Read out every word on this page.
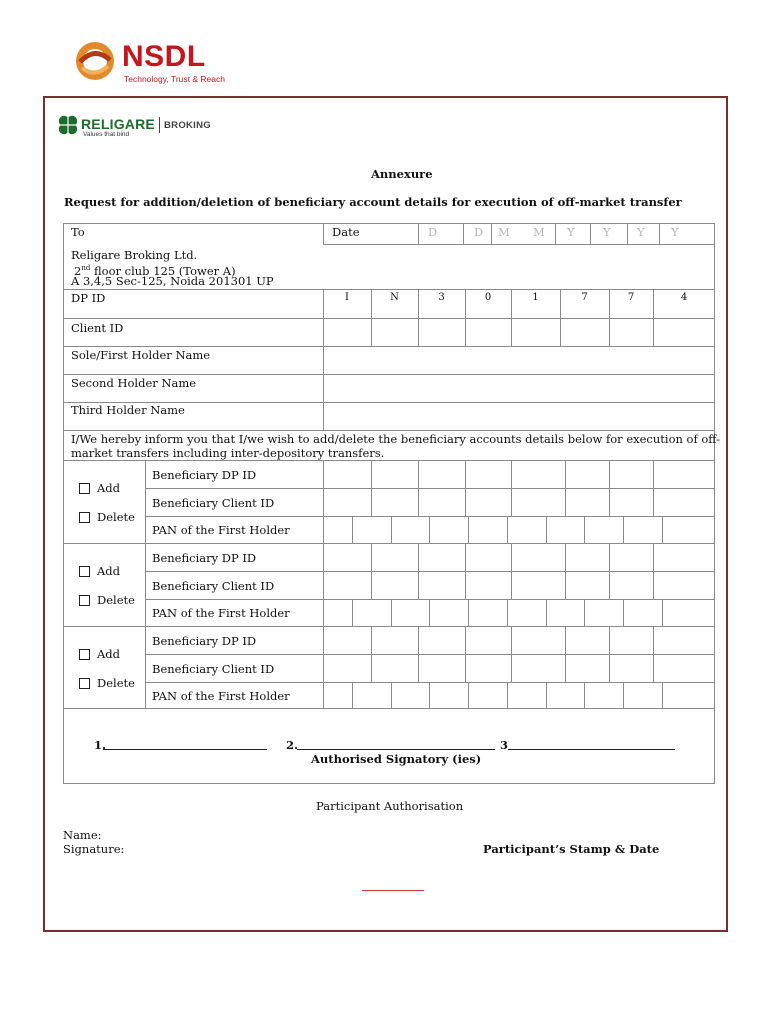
NSDL
Technology, Trust & Reach
RELIGARE
Values that bind
BROKING
Annexure
Request for addition/deletion of beneficiary account details for execution of off-market transfer
To	Date	D	D M M Y Y Y Y
Religare Broking Ltd.
2nd floor club 125 (Tower A)
A 3,4,5 Sec-125, Noida 201301 UP
DP ID	I	N	3	0	1	7	7	4
Client ID
Sole/First Holder Name
Second Holder Name
Third Holder Name
I/We hereby inform you that I/we wish to add/delete the beneficiary accounts details below for execution of off-
market transfers including inter-depository transfers.
Add
Delete
Beneficiary DP ID
Beneficiary Client ID
PAN of the First Holder
Add
Delete
Beneficiary DP ID
Beneficiary Client ID
PAN of the First Holder
Add
Delete
Beneficiary DP ID
Beneficiary Client ID
PAN of the First Holder
1.	2.	3
Authorised Signatory (ies)
Participant Authorisation
Name:
Signature:	Participant’s Stamp & Date
